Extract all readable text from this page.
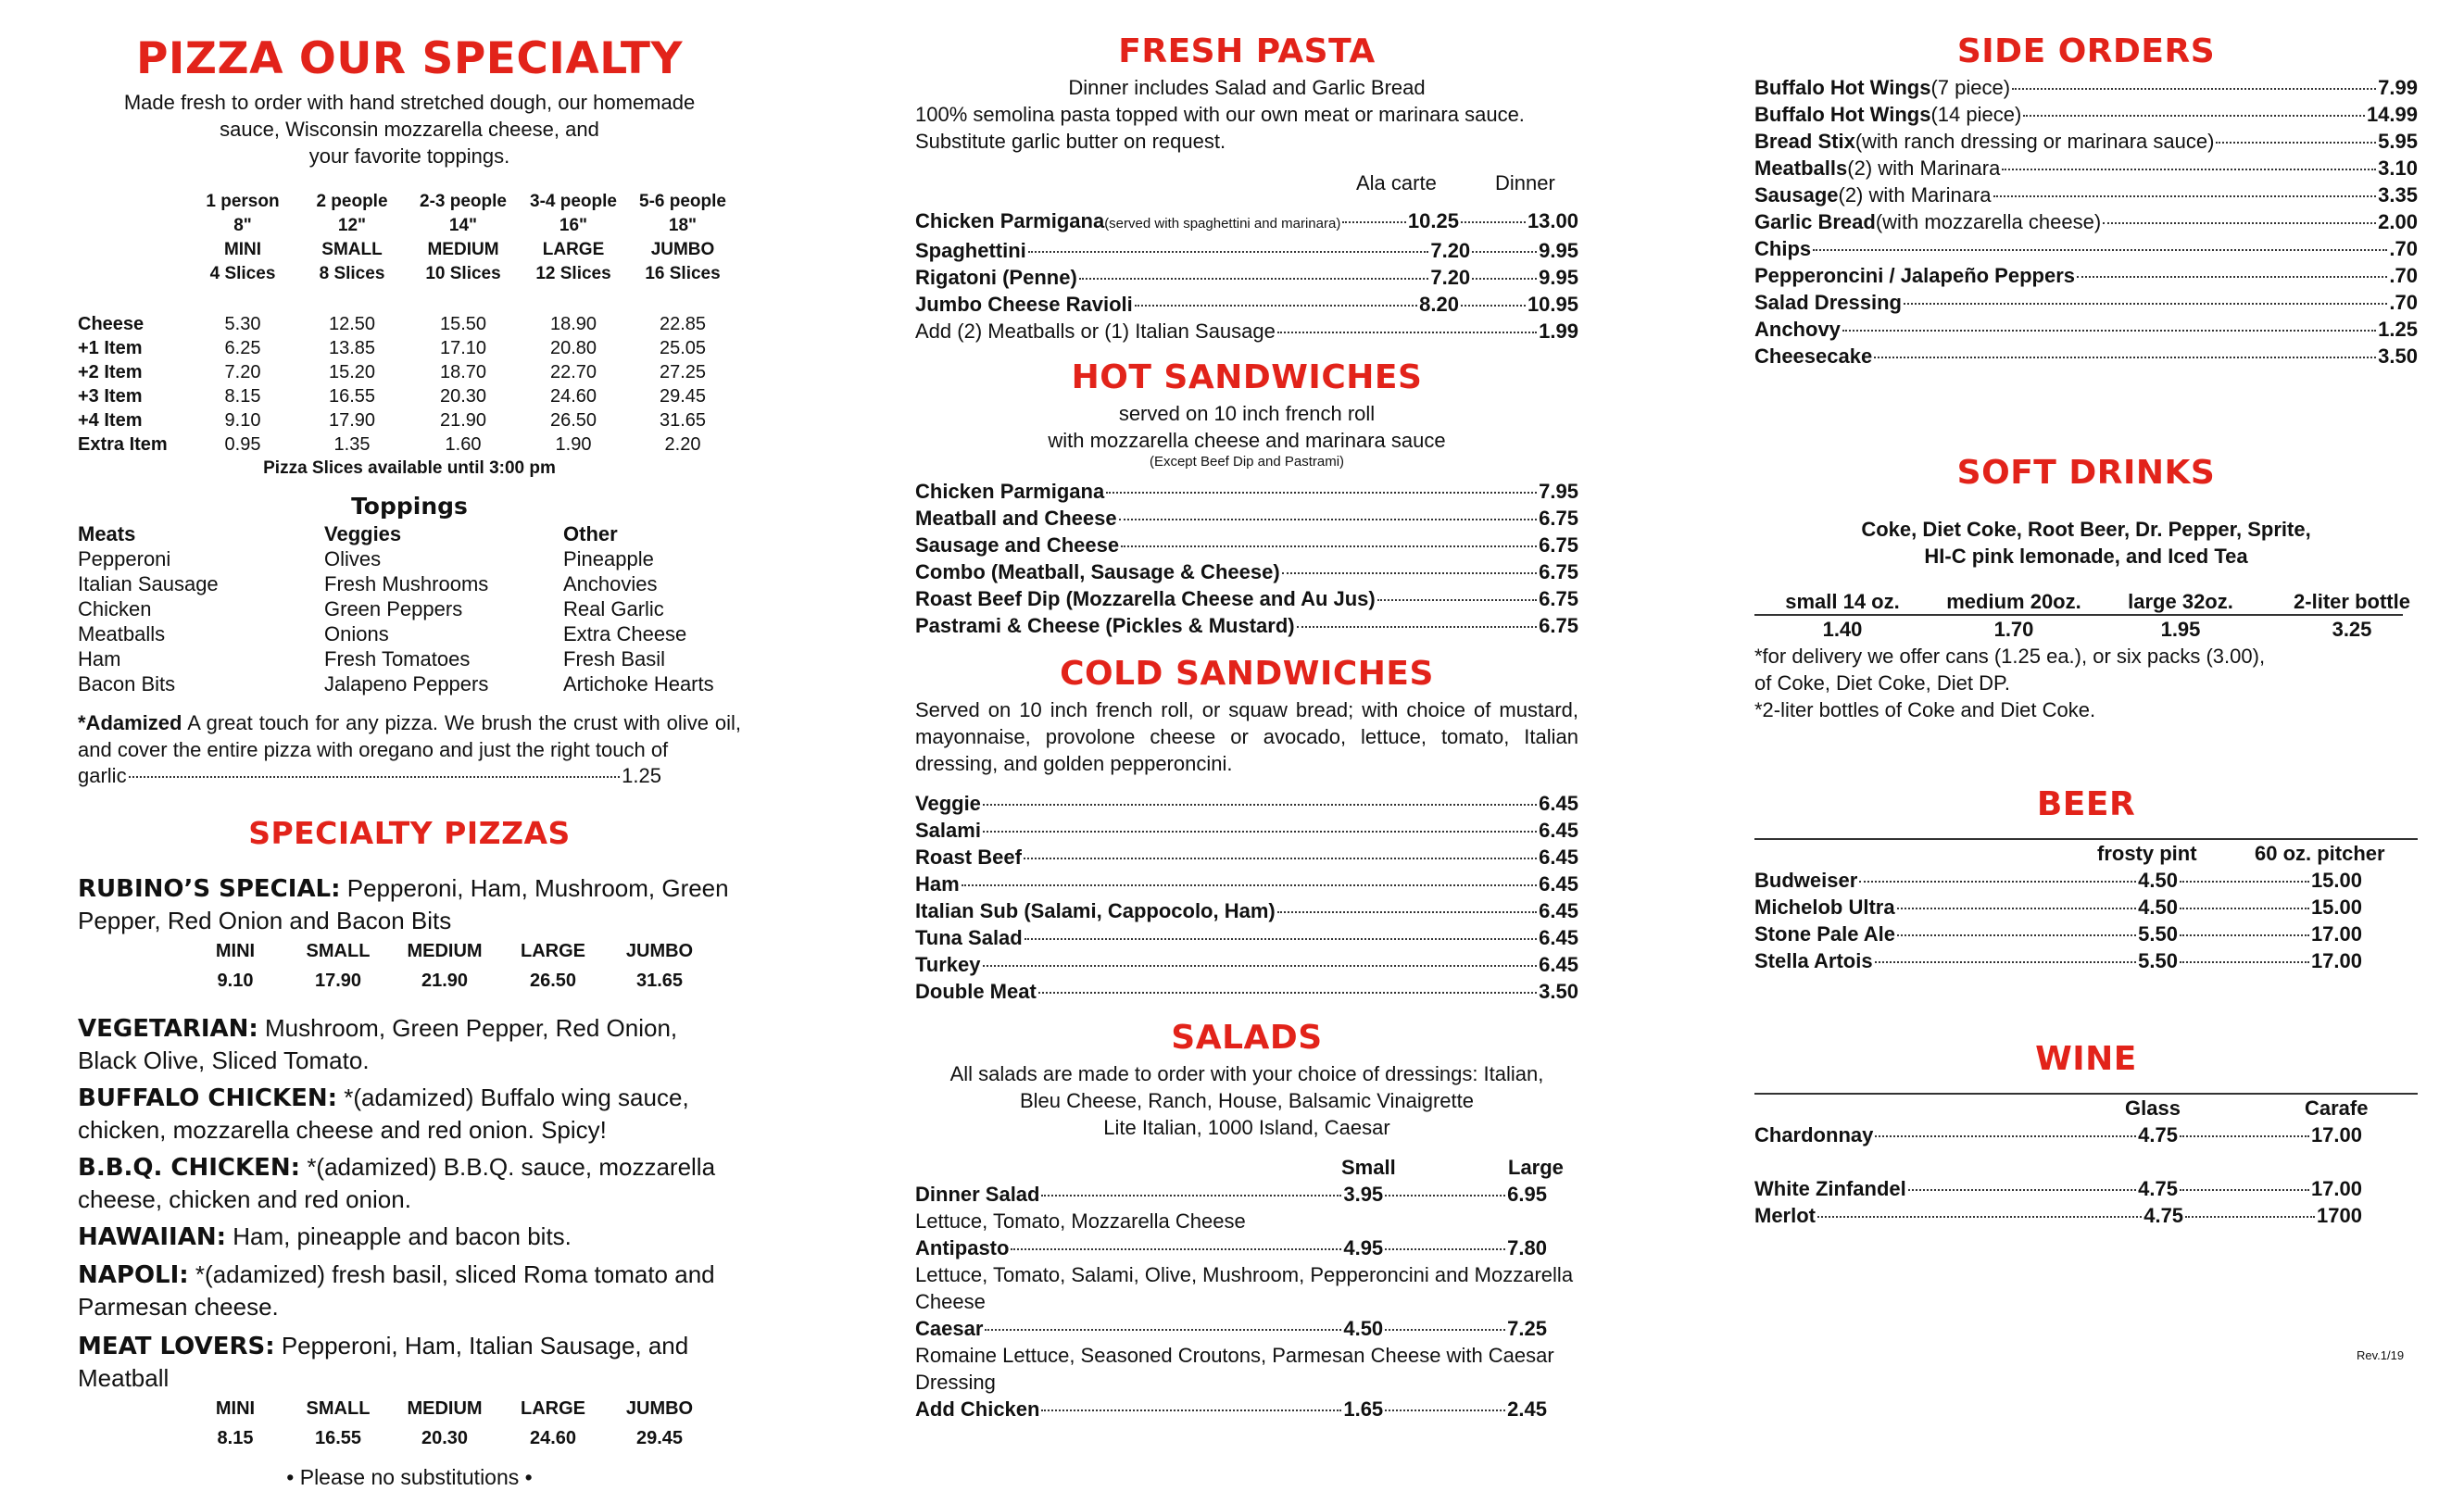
PIZZA OUR SPECIALTY
Made fresh to order with hand stretched dough, our homemade
sauce, Wisconsin mozzarella cheese, and
your favorite toppings.
1 person	2 people	2-3 people	3-4 people	5-6 people
8"	12"	14"	16"	18"
MINI	SMALL	MEDIUM	LARGE	JUMBO
4 Slices	8 Slices	10 Slices	12 Slices	16 Slices
Cheese	5.30	12.50	15.50	18.90	22.85
+1 Item	6.25	13.85	17.10	20.80	25.05
+2 Item	7.20	15.20	18.70	22.70	27.25
+3 Item	8.15	16.55	20.30	24.60	29.45
+4 Item	9.10	17.90	21.90	26.50	31.65
Extra Item	0.95	1.35	1.60	1.90	2.20
Pizza Slices available until 3:00 pm
Toppings
Meats	Veggies	Other
Pepperoni	Olives	Pineapple
Italian Sausage	Fresh Mushrooms	Anchovies
Chicken	Green Peppers	Real Garlic
Meatballs	Onions	Extra Cheese
Ham	Fresh Tomatoes	Fresh Basil
Bacon Bits	Jalapeno Peppers	Artichoke Hearts
*Adamized A great touch for any pizza. We brush the crust with olive oil, and cover the entire pizza with oregano and just the right touch of
garlic	1.25
SPECIALTY PIZZAS
RUBINO’S SPECIAL: Pepperoni, Ham, Mushroom, Green Pepper, Red Onion and Bacon Bits
MINI	SMALL	MEDIUM	LARGE	JUMBO
9.10	17.90	21.90	26.50	31.65
VEGETARIAN: Mushroom, Green Pepper, Red Onion, Black Olive, Sliced Tomato.
BUFFALO CHICKEN: *(adamized) Buffalo wing sauce, chicken, mozzarella cheese and red onion. Spicy!
B.B.Q. CHICKEN: *(adamized) B.B.Q. sauce, mozzarella cheese, chicken and red onion.
HAWAIIAN: Ham, pineapple and bacon bits.
NAPOLI: *(adamized) fresh basil, sliced Roma tomato and Parmesan cheese.
MEAT LOVERS: Pepperoni, Ham, Italian Sausage, and Meatball
MINI	SMALL	MEDIUM	LARGE	JUMBO
8.15	16.55	20.30	24.60	29.45
• Please no substitutions •
FRESH PASTA
Dinner includes Salad and Garlic Bread
100% semolina pasta topped with our own meat or marinara sauce.
Substitute garlic butter on request.
Ala carte	Dinner
Chicken Parmigana (served with spaghettini and marinara)	10.25	13.00
Spaghettini	7.20	9.95
Rigatoni (Penne)	7.20	9.95
Jumbo Cheese Ravioli	8.20	10.95
Add (2) Meatballs or (1) Italian Sausage	1.99
HOT SANDWICHES
served on 10 inch french roll
with mozzarella cheese and marinara sauce
(Except Beef Dip and Pastrami)
Chicken Parmigana	7.95
Meatball and Cheese	6.75
Sausage and Cheese	6.75
Combo (Meatball, Sausage & Cheese)	6.75
Roast Beef Dip (Mozzarella Cheese and Au Jus)	6.75
Pastrami & Cheese (Pickles & Mustard)	6.75
COLD SANDWICHES
Served on 10 inch french roll, or squaw bread; with choice of mustard, mayonnaise, provolone cheese or avocado, lettuce, tomato, Italian dressing, and golden pepperoncini.
Veggie	6.45
Salami	6.45
Roast Beef	6.45
Ham	6.45
Italian Sub (Salami, Cappocolo, Ham)	6.45
Tuna Salad	6.45
Turkey	6.45
Double Meat	3.50
SALADS
All salads are made to order with your choice of dressings: Italian,
Bleu Cheese, Ranch, House, Balsamic Vinaigrette
Lite Italian, 1000 Island, Caesar
Small	Large
Dinner Salad	3.95	6.95
Lettuce, Tomato, Mozzarella Cheese
Antipasto	4.95	7.80
Lettuce, Tomato, Salami, Olive, Mushroom, Pepperoncini and Mozzarella Cheese
Caesar	4.50	7.25
Romaine Lettuce, Seasoned Croutons, Parmesan Cheese with Caesar Dressing
Add Chicken	1.65	2.45
SIDE ORDERS
Buffalo Hot Wings (7 piece)	7.99
Buffalo Hot Wings (14 piece)	14.99
Bread Stix (with ranch dressing or marinara sauce)	5.95
Meatballs (2) with Marinara	3.10
Sausage (2) with Marinara	3.35
Garlic Bread (with mozzarella cheese)	2.00
Chips	.70
Pepperoncini / Jalapeño Peppers	.70
Salad Dressing	.70
Anchovy	1.25
Cheesecake	3.50
SOFT DRINKS
Coke, Diet Coke, Root Beer, Dr. Pepper, Sprite,
HI-C pink lemonade, and Iced Tea
small 14 oz.	medium 20oz.	large 32oz.	2-liter bottle
1.40	1.70	1.95	3.25
*for delivery we offer cans (1.25 ea.), or six packs (3.00),
of Coke, Diet Coke, Diet DP.
*2-liter bottles of Coke and Diet Coke.
BEER
frosty pint	60 oz. pitcher
Budweiser	4.50	15.00
Michelob Ultra	4.50	15.00
Stone Pale Ale	5.50	17.00
Stella Artois	5.50	17.00
WINE
Glass	Carafe
Chardonnay	4.75	17.00
White Zinfandel	4.75	17.00
Merlot	4.75	1700
Rev.1/19
